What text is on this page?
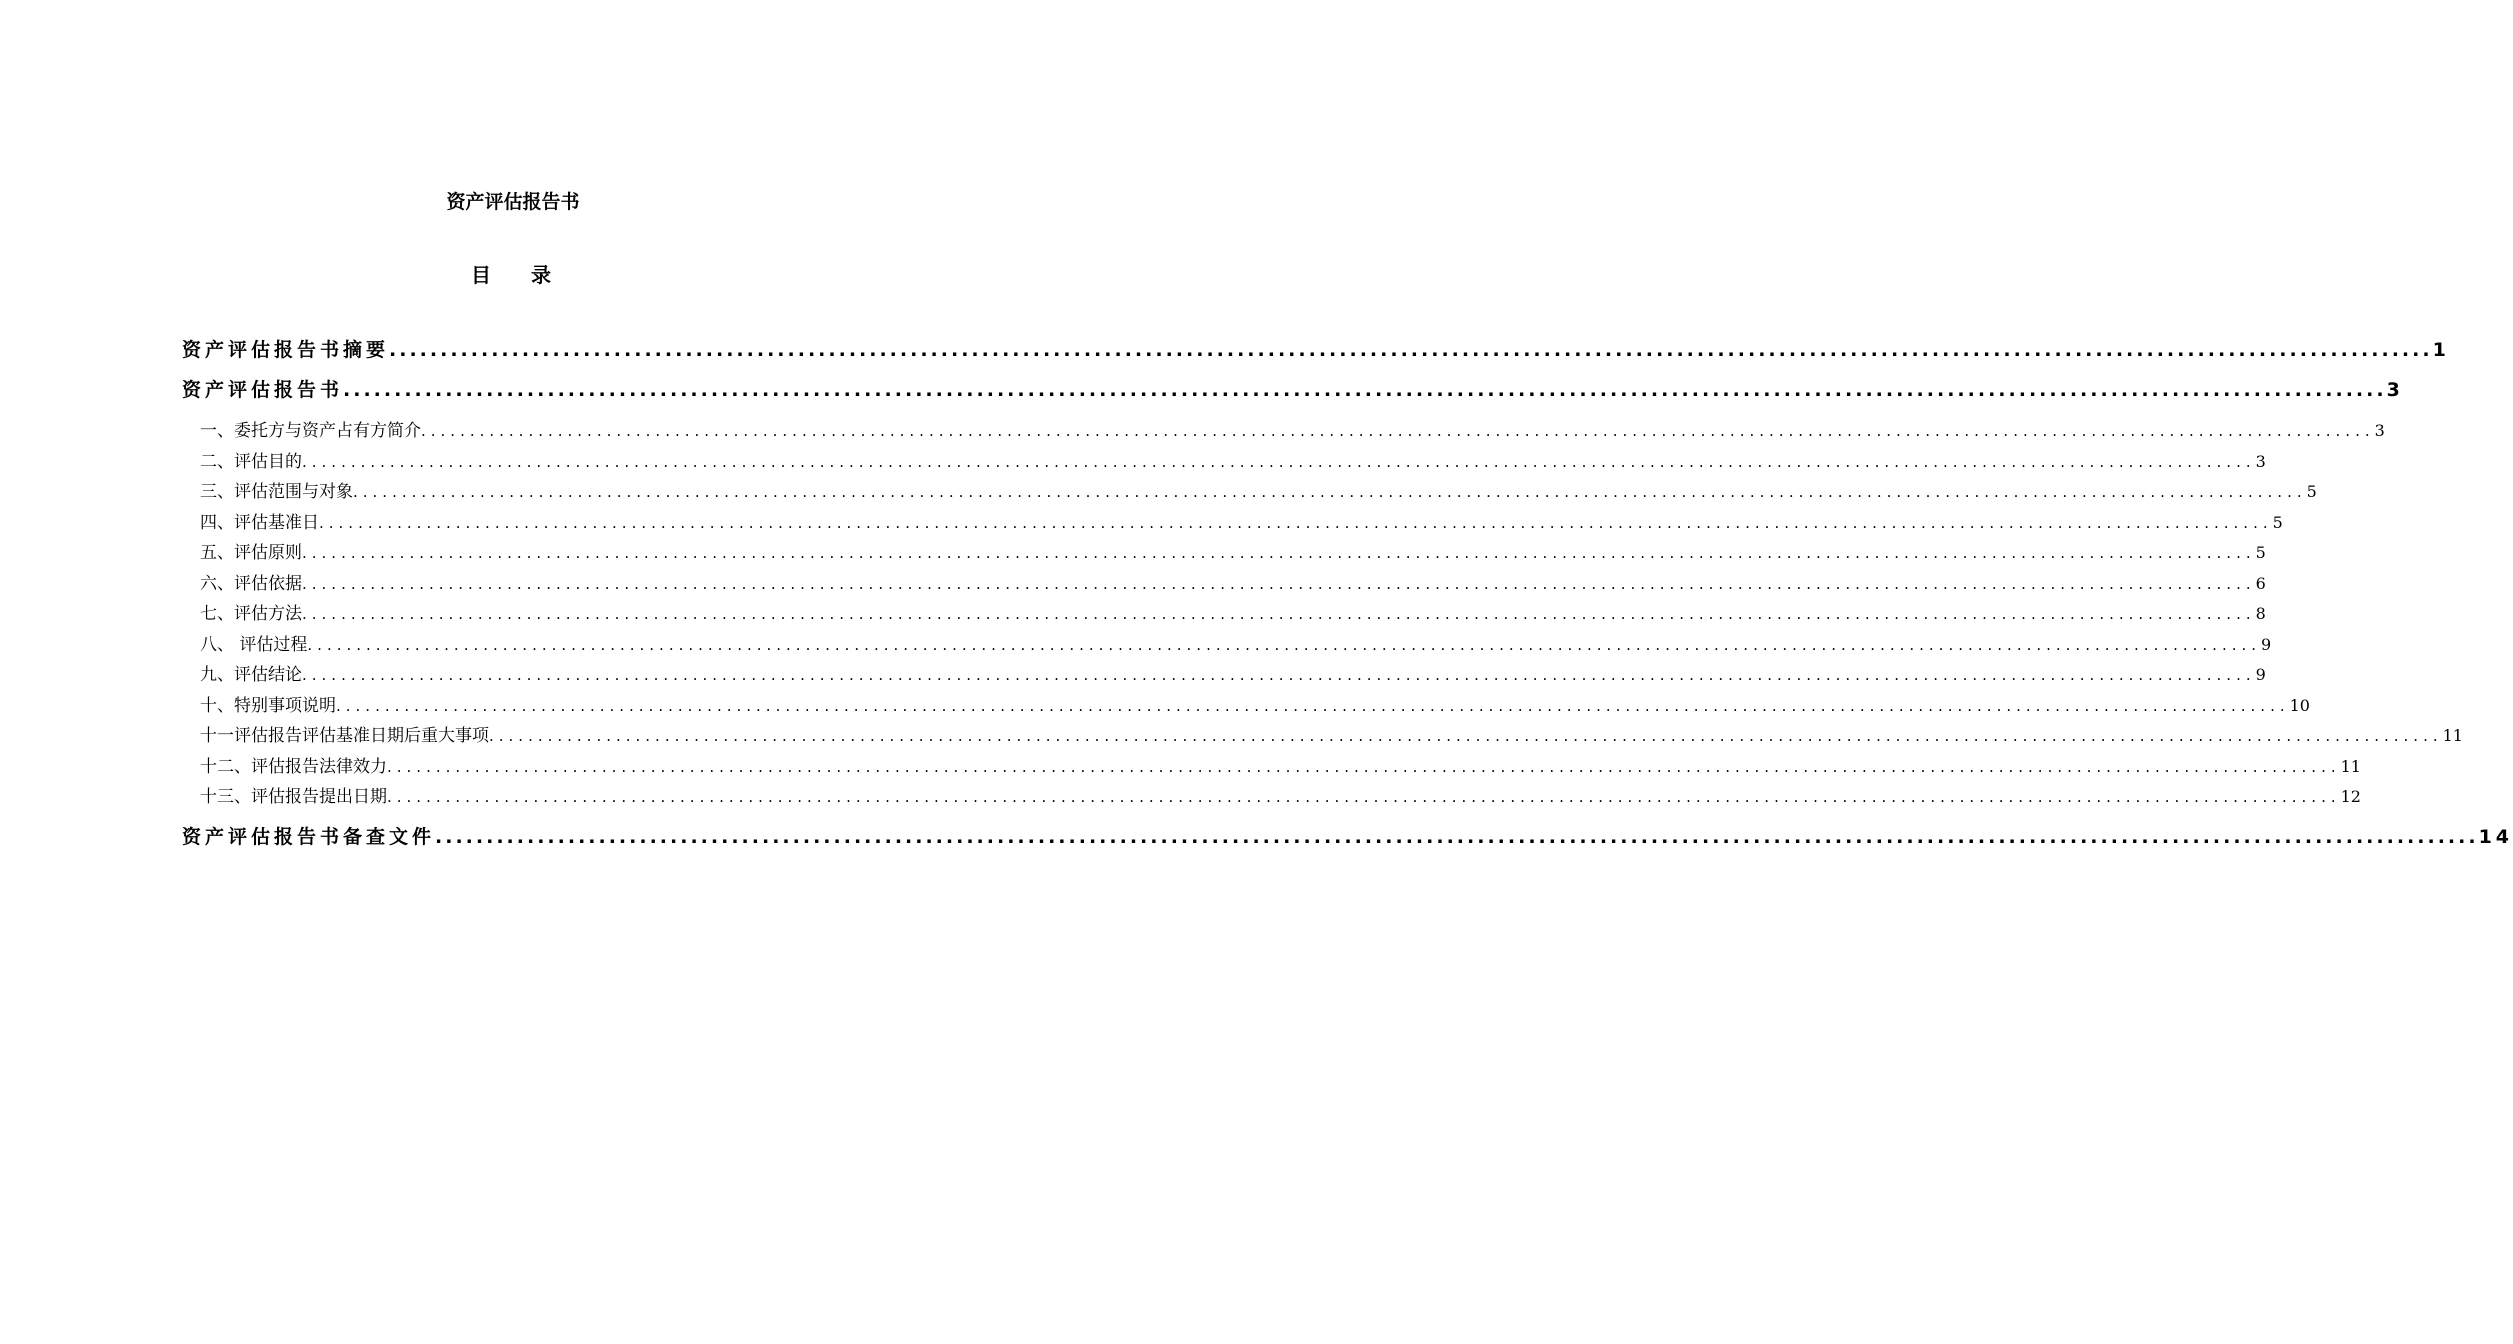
资产评估报告书
目　　录
资产评估报告书摘要 ........................................................................................................................................................................................................ 1
资产评估报告书 ........................................................................................................................................................................................................ 3
一、委托方与资产占有方简介 ........................................................................................................................................................................................................ 3
二、评估目的 ........................................................................................................................................................................................................ 3
三、评估范围与对象 ........................................................................................................................................................................................................ 5
四、评估基准日 ........................................................................................................................................................................................................ 5
五、评估原则 ........................................................................................................................................................................................................ 5
六、评估依据 ........................................................................................................................................................................................................ 6
七、评估方法 ........................................................................................................................................................................................................ 8
八、 评估过程 ........................................................................................................................................................................................................ 9
九、评估结论 ........................................................................................................................................................................................................ 9
十、特别事项说明 ........................................................................................................................................................................................................ 10
十一评估报告评估基准日期后重大事项 ........................................................................................................................................................................................................ 11
十二、评估报告法律效力 ........................................................................................................................................................................................................ 11
十三、评估报告提出日期 ........................................................................................................................................................................................................ 12
资产评估报告书备查文件 ........................................................................................................................................................................................................ 14
